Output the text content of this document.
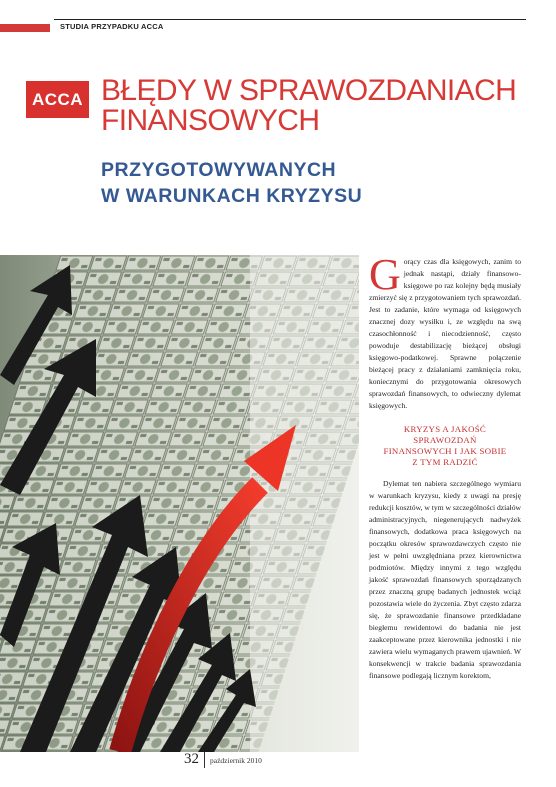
STUDIA PRZYPADKU ACCA
ACCA BŁĘDY W SPRAWOZDANIACH
FINANSOWYCH
PRZYGOTOWYWANYCH
W WARUNKACH KRYZYSU

Gorący czas dla księgowych, zanim to jednak nastąpi, działy finansowo-księgowe po raz kolejny będą musiały zmierzyć się z przygotowaniem tych sprawozdań. Jest to zadanie, które wymaga od księgowych znacznej dozy wysiłku i, ze względu na swą czasochłonność i niecodzienność, często powoduje destabilizację bieżącej obsługi księgowo-podatkowej. Sprawne połączenie bieżącej pracy z działaniami zamknięcia roku, koniecznymi do przygotowania okresowych sprawozdań finansowych, to odwieczny dylemat księgowych.

KRYZYS A JAKOŚĆ
SPRAWOZDAŃ
FINANSOWYCH I JAK SOBIE
Z TYM RADZIĆ

Dylemat ten nabiera szczególnego wymiaru w warunkach kryzysu, kiedy z uwagi na presję redukcji kosztów, w tym w szczególności działów administracyjnych, niegenerujących nadwyżek finansowych, dodatkowa praca księgowych na początku okresów sprawozdawczych często nie jest w pełni uwzględniana przez kierownictwa podmiotów. Między innymi z tego względu jakość sprawozdań finansowych sporządzanych przez znaczną grupę badanych jednostek wciąż pozostawia wiele do życzenia. Zbyt często zdarza się, że sprawozdanie finansowe przedkładane biegłemu rewidentowi do badania nie jest zaakceptowane przez kierownika jednostki i nie zawiera wielu wymaganych prawem ujawnień. W konsekwencji w trakcie badania sprawozdania finansowe podlegają licznym korektom,

32 październik 2010
